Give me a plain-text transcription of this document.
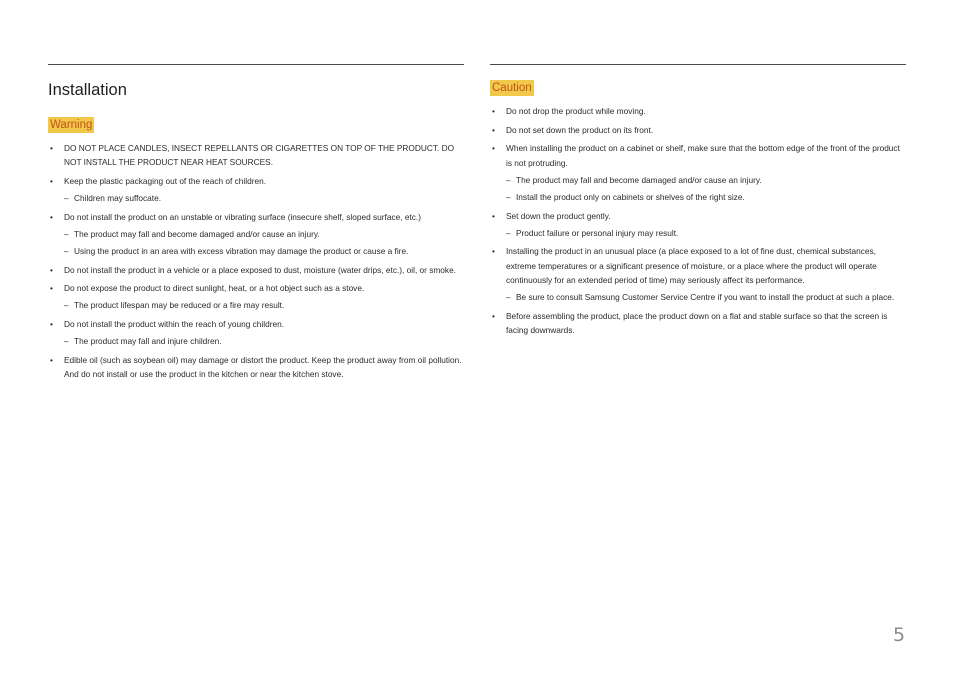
Installation
Warning
• DO NOT PLACE CANDLES, INSECT REPELLANTS OR CIGARETTES ON TOP OF THE PRODUCT. DO NOT INSTALL THE PRODUCT NEAR HEAT SOURCES.
• Keep the plastic packaging out of the reach of children.
– Children may suffocate.
• Do not install the product on an unstable or vibrating surface (insecure shelf, sloped surface, etc.)
– The product may fall and become damaged and/or cause an injury.
– Using the product in an area with excess vibration may damage the product or cause a fire.
• Do not install the product in a vehicle or a place exposed to dust, moisture (water drips, etc.), oil, or smoke.
• Do not expose the product to direct sunlight, heat, or a hot object such as a stove.
– The product lifespan may be reduced or a fire may result.
• Do not install the product within the reach of young children.
– The product may fall and injure children.
• Edible oil (such as soybean oil) may damage or distort the product. Keep the product away from oil pollution. And do not install or use the product in the kitchen or near the kitchen stove.
Caution
• Do not drop the product while moving.
• Do not set down the product on its front.
• When installing the product on a cabinet or shelf, make sure that the bottom edge of the front of the product is not protruding.
– The product may fall and become damaged and/or cause an injury.
– Install the product only on cabinets or shelves of the right size.
• Set down the product gently.
– Product failure or personal injury may result.
• Installing the product in an unusual place (a place exposed to a lot of fine dust, chemical substances, extreme temperatures or a significant presence of moisture, or a place where the product will operate continuously for an extended period of time) may seriously affect its performance.
– Be sure to consult Samsung Customer Service Centre if you want to install the product at such a place.
• Before assembling the product, place the product down on a flat and stable surface so that the screen is facing downwards.
5
